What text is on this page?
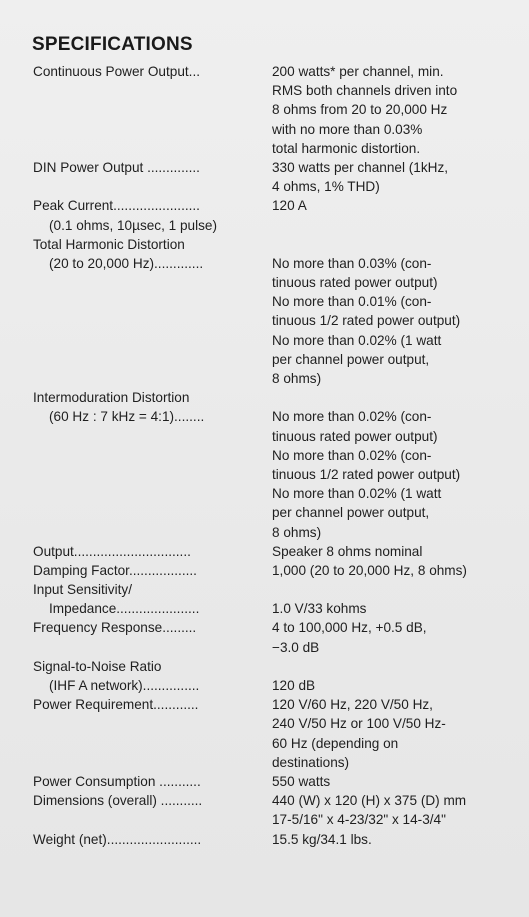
SPECIFICATIONS
Continuous Power Output...	200 watts* per channel, min.
RMS both channels driven into
8 ohms from 20 to 20,000 Hz
with no more than 0.03%
total harmonic distortion.
DIN Power Output ..............	330 watts per channel (1kHz,
4 ohms, 1% THD)
Peak Current.......................	120 A
(0.1 ohms, 10µsec, 1 pulse)
Total Harmonic Distortion
(20 to 20,000 Hz).............	No more than 0.03% (con-
tinuous rated power output)
No more than 0.01% (con-
tinuous 1/2 rated power output)
No more than 0.02% (1 watt
per channel power output,
8 ohms)
Intermoduration Distortion
(60 Hz : 7 kHz = 4:1)........	No more than 0.02% (con-
tinuous rated power output)
No more than 0.02% (con-
tinuous 1/2 rated power output)
No more than 0.02% (1 watt
per channel power output,
8 ohms)
Output...............................	Speaker 8 ohms nominal
Damping Factor..................	1,000 (20 to 20,000 Hz, 8 ohms)
Input Sensitivity/
Impedance......................	1.0 V/33 kohms
Frequency Response.........	4 to 100,000 Hz, +0.5 dB,
−3.0 dB
Signal-to-Noise Ratio
(IHF A network)...............	120 dB
Power Requirement............	120 V/60 Hz, 220 V/50 Hz,
240 V/50 Hz or 100 V/50 Hz-
60 Hz (depending on
destinations)
Power Consumption ...........	550 watts
Dimensions (overall) ...........	440 (W) x 120 (H) x 375 (D) mm
17-5/16" x 4-23/32" x 14-3/4"
Weight (net).........................	15.5 kg/34.1 lbs.
